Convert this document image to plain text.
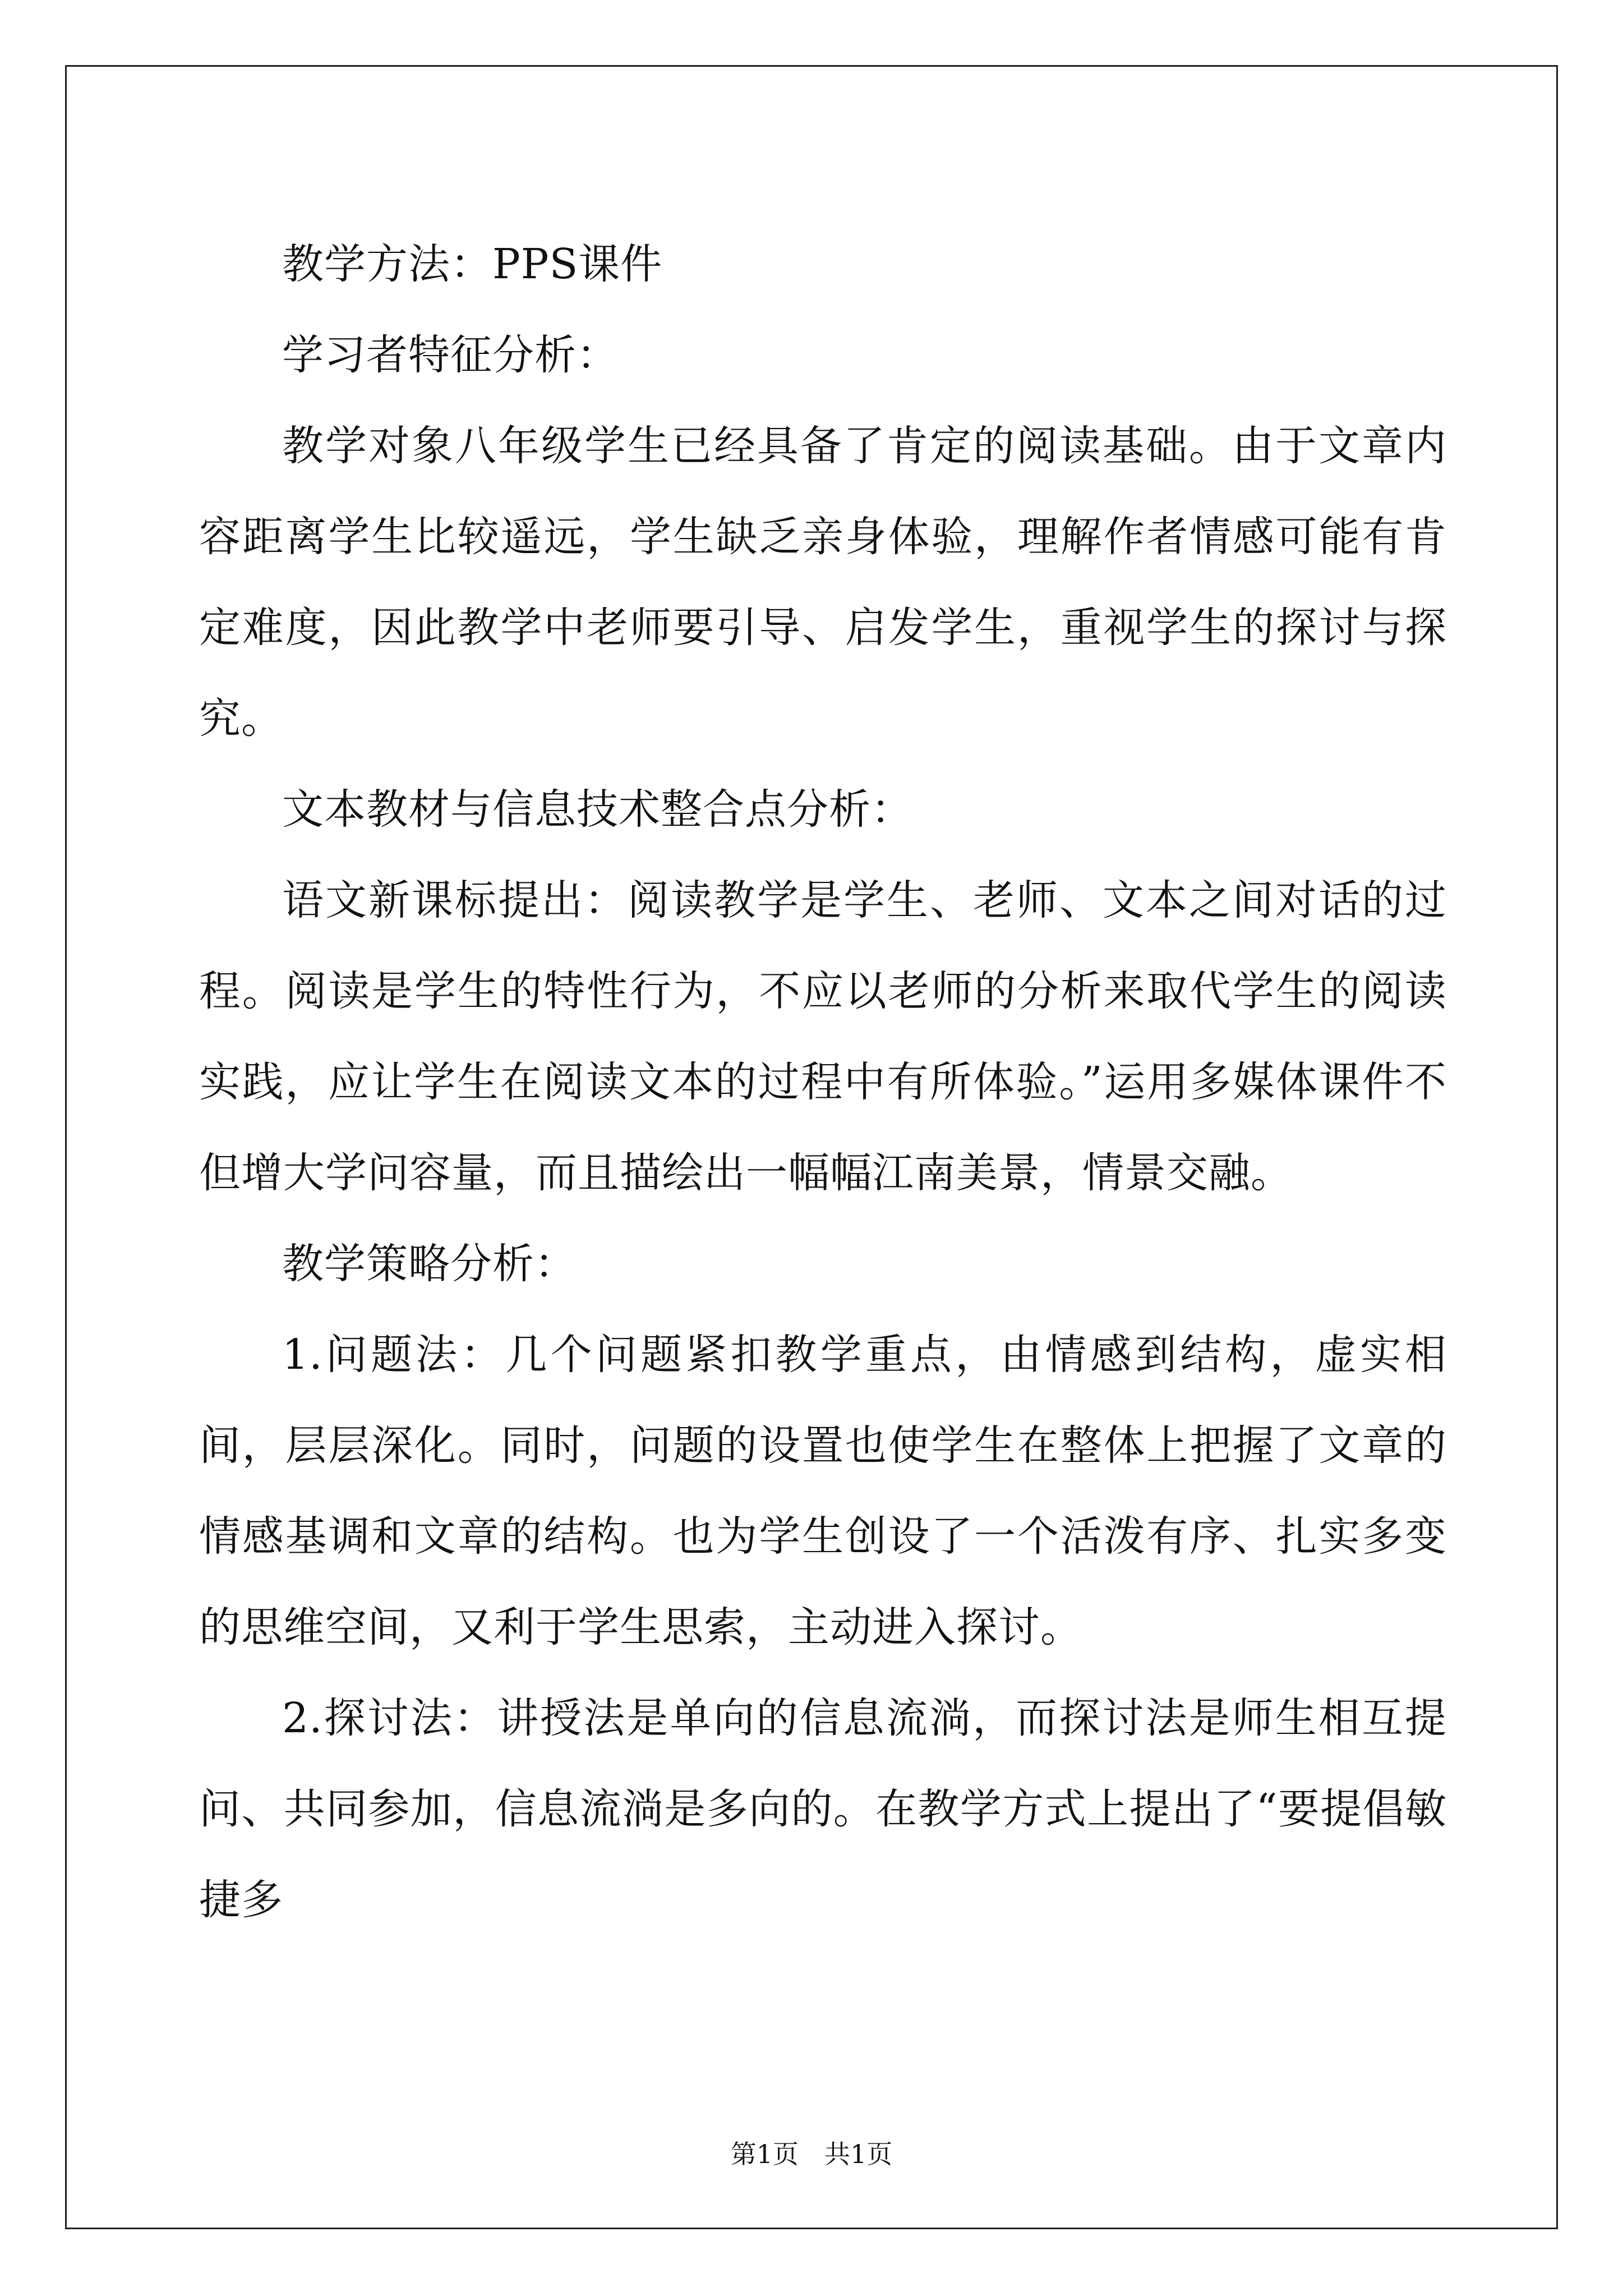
教学方法：PPS课件

学习者特征分析：

教学对象八年级学生已经具备了肯定的阅读基础。由于文章内容距离学生比较遥远，学生缺乏亲身体验，理解作者情感可能有肯定难度，因此教学中老师要引导、启发学生，重视学生的探讨与探究。

文本教材与信息技术整合点分析：

语文新课标提出：阅读教学是学生、老师、文本之间对话的过程。阅读是学生的特性行为，不应以老师的分析来取代学生的阅读实践，应让学生在阅读文本的过程中有所体验。”运用多媒体课件不但增大学问容量，而且描绘出一幅幅江南美景，情景交融。

教学策略分析：

1.问题法：几个问题紧扣教学重点，由情感到结构，虚实相间，层层深化。同时，问题的设置也使学生在整体上把握了文章的情感基调和文章的结构。也为学生创设了一个活泼有序、扎实多变的思维空间，又利于学生思索，主动进入探讨。

2.探讨法：讲授法是单向的信息流淌，而探讨法是师生相互提问、共同参加，信息流淌是多向的。在教学方式上提出了“要提倡敏捷多

第1页　共1页
